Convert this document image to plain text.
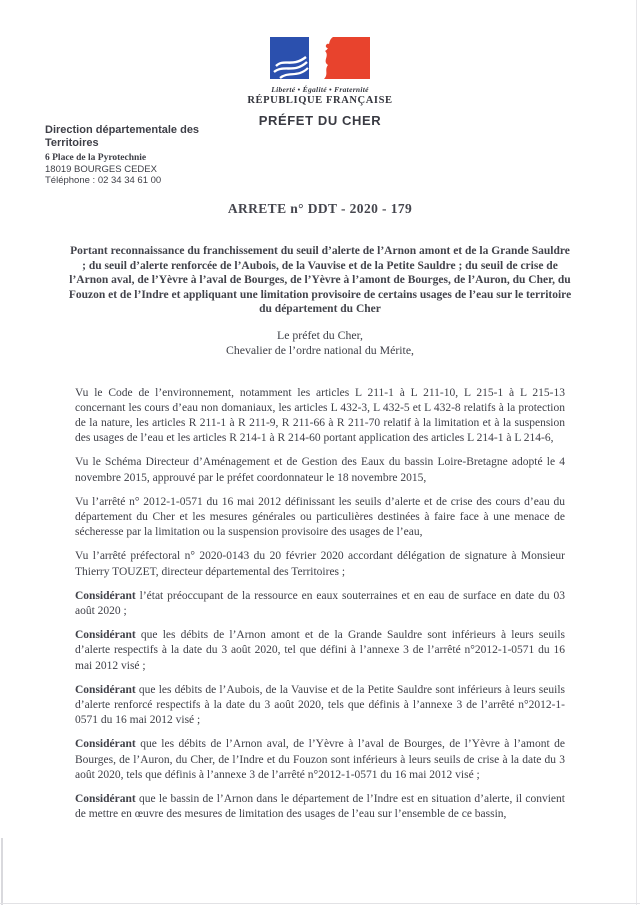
Liberté • Égalité • Fraternité
RÉPUBLIQUE FRANÇAISE
PRÉFET DU CHER
Direction départementale des
Territoires
6 Place de la Pyrotechnie
18019 BOURGES CEDEX
Téléphone : 02 34 34 61 00
ARRETE n° DDT - 2020 - 179
Portant reconnaissance du franchissement du seuil d’alerte de l’Arnon amont et de la Grande Sauldre ; du seuil d’alerte renforcée de l’Aubois, de la Vauvise et de la Petite Sauldre ; du seuil de crise de l’Arnon aval, de l’Yèvre à l’aval de Bourges, de l’Yèvre à l’amont de Bourges, de l’Auron, du Cher, du Fouzon et de l’Indre et appliquant une limitation provisoire de certains usages de l’eau sur le territoire du département du Cher
Le préfet du Cher,
Chevalier de l’ordre national du Mérite,

Vu le Code de l’environnement, notamment les articles L 211-1 à L 211-10, L 215-1 à L 215-13 concernant les cours d’eau non domaniaux, les articles L 432-3, L 432-5 et L 432-8 relatifs à la protection de la nature, les articles R 211-1 à R 211-9, R 211-66 à R 211-70 relatif à la limitation et à la suspension des usages de l’eau et les articles R 214-1 à R 214-60 portant application des articles L 214-1 à L 214-6,

Vu le Schéma Directeur d’Aménagement et de Gestion des Eaux du bassin Loire-Bretagne adopté le 4 novembre 2015, approuvé par le préfet coordonnateur le 18 novembre 2015,

Vu l’arrêté n° 2012-1-0571 du 16 mai 2012 définissant les seuils d’alerte et de crise des cours d’eau du département du Cher et les mesures générales ou particulières destinées à faire face à une menace de sécheresse par la limitation ou la suspension provisoire des usages de l’eau,

Vu l’arrêté préfectoral n° 2020-0143 du 20 février 2020 accordant délégation de signature à Monsieur Thierry TOUZET, directeur départemental des Territoires ;

Considérant l’état préoccupant de la ressource en eaux souterraines et en eau de surface en date du 03 août 2020 ;

Considérant que les débits de l’Arnon amont et de la Grande Sauldre sont inférieurs à leurs seuils d’alerte respectifs à la date du 3 août 2020, tel que défini à l’annexe 3 de l’arrêté n°2012-1-0571 du 16 mai 2012 visé ;

Considérant que les débits de l’Aubois, de la Vauvise et de la Petite Sauldre sont inférieurs à leurs seuils d’alerte renforcé respectifs à la date du 3 août 2020, tels que définis à l’annexe 3 de l’arrêté n°2012-1-0571 du 16 mai 2012 visé ;

Considérant que les débits de l’Arnon aval, de l’Yèvre à l’aval de Bourges, de l’Yèvre à l’amont de Bourges, de l’Auron, du Cher, de l’Indre et du Fouzon sont inférieurs à leurs seuils de crise à la date du 3 août 2020, tels que définis à l’annexe 3 de l’arrêté n°2012-1-0571 du 16 mai 2012 visé ;

Considérant que le bassin de l’Arnon dans le département de l’Indre est en situation d’alerte, il convient de mettre en œuvre des mesures de limitation des usages de l’eau sur l’ensemble de ce bassin,
